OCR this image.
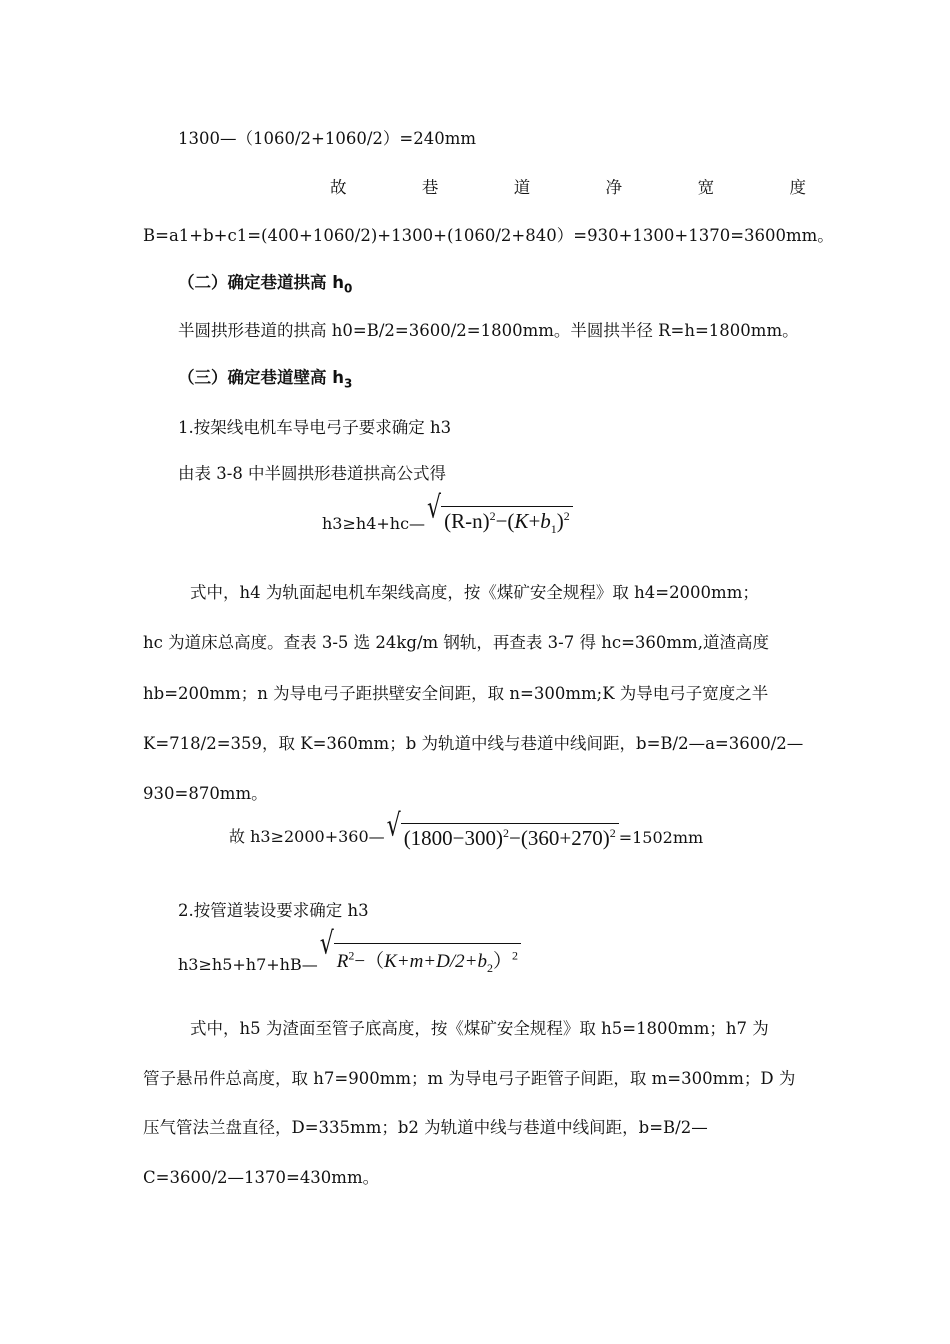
1300—（1060/2+1060/2）=240mm
故	巷	道	净	宽	度
B=a1+b+c1=(400+1060/2)+1300+(1060/2+840）=930+1300+1370=3600mm。
（二）确定巷道拱高 $h_0$
半圆拱形巷道的拱高 h0=B/2=3600/2=1800mm。半圆拱半径 R=h=1800mm。
（三）确定巷道壁高 $h_3$
1.按架线电机车导电弓子要求确定 h3
由表 3-8 中半圆拱形巷道拱高公式得
h3≥h4+hc— √ $(R-n)^2-(K+b_1)^2$
式中，h4 为轨面起电机车架线高度，按《煤矿安全规程》取 h4=2000mm；
hc 为道床总高度。查表 3-5 选 24kg/m 钢轨，再查表 3-7 得 hc=360mm,道渣高度
hb=200mm；n 为导电弓子距拱壁安全间距，取 n=300mm;K 为导电弓子宽度之半
K=718/2=359，取 K=360mm；b 为轨道中线与巷道中线间距，b=B/2—a=3600/2—
930=870mm。
故 h3≥2000+360— √ $(1800-300)^2-(360+270)^2 =1502mm$
2.按管道装设要求确定 h3
h3≥h5+h7+hB—
√ $R^2-(K+m+D/2+b_2)^2$
式中，h5 为渣面至管子底高度，按《煤矿安全规程》取 h5=1800mm；h7 为
管子悬吊件总高度，取 h7=900mm；m 为导电弓子距管子间距，取 m=300mm；D 为
压气管法兰盘直径，D=335mm；b2 为轨道中线与巷道中线间距，b=B/2—
C=3600/2—1370=430mm。
